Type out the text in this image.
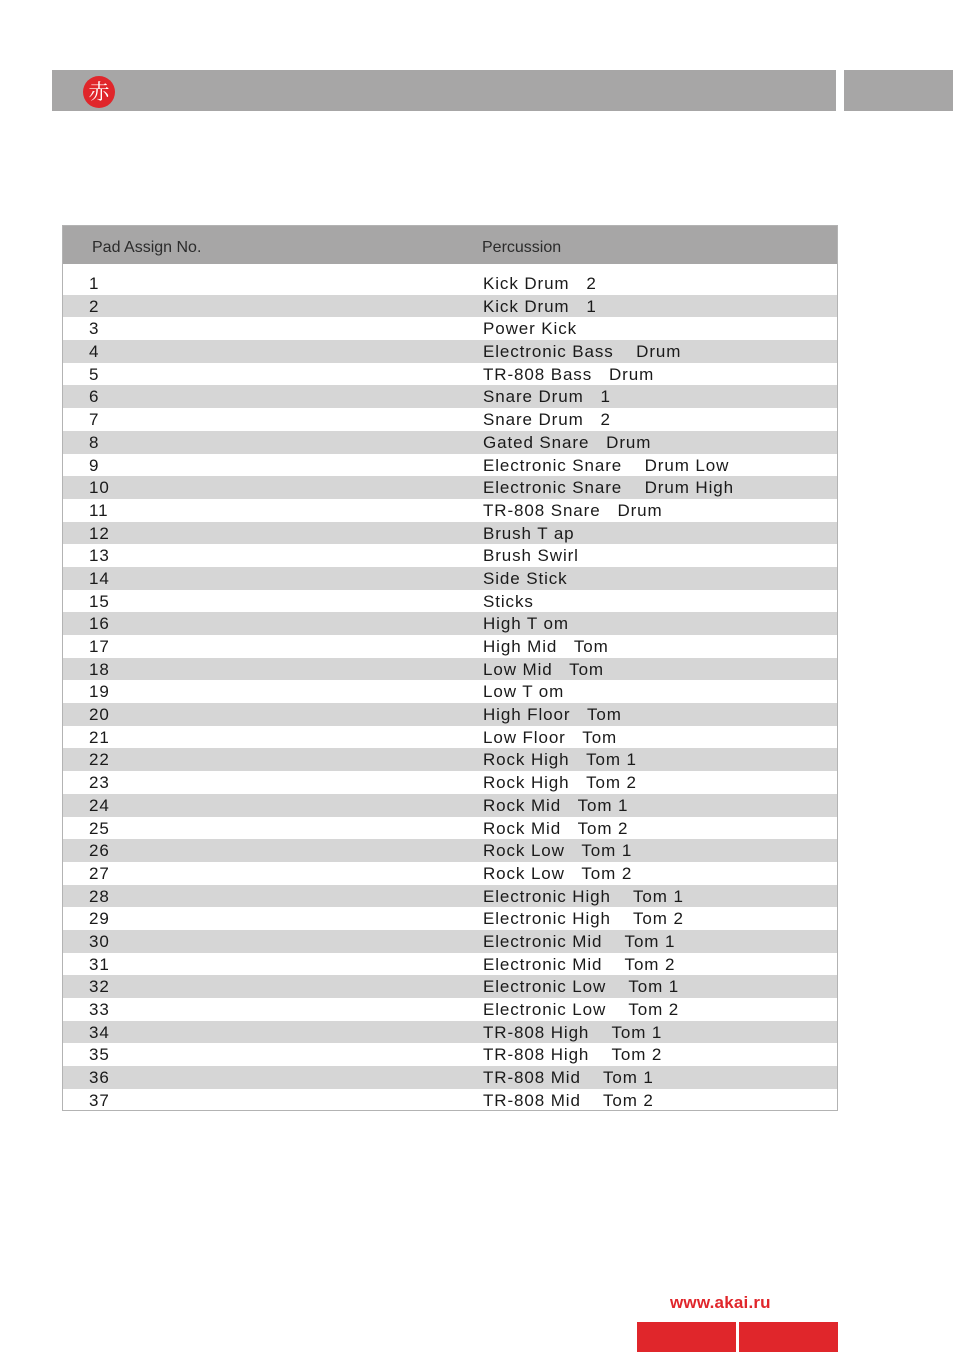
赤
Pad Assign No.	Percussion
1	Kick Drum   2
2	Kick Drum   1
3	Power Kick
4	Electronic Bass    Drum
5	TR-808 Bass   Drum
6	Snare Drum   1
7	Snare Drum   2
8	Gated Snare   Drum
9	Electronic Snare    Drum Low
10	Electronic Snare    Drum High
11	TR-808 Snare   Drum
12	Brush T ap
13	Brush Swirl
14	Side Stick
15	Sticks
16	High T om
17	High Mid   Tom
18	Low Mid   Tom
19	Low T om
20	High Floor   Tom
21	Low Floor   Tom
22	Rock High   Tom 1
23	Rock High   Tom 2
24	Rock Mid   Tom 1
25	Rock Mid   Tom 2
26	Rock Low   Tom 1
27	Rock Low   Tom 2
28	Electronic High    Tom 1
29	Electronic High    Tom 2
30	Electronic Mid    Tom 1
31	Electronic Mid    Tom 2
32	Electronic Low    Tom 1
33	Electronic Low    Tom 2
34	TR-808 High    Tom 1
35	TR-808 High    Tom 2
36	TR-808 Mid    Tom 1
37	TR-808 Mid    Tom 2
www.akai.ru
